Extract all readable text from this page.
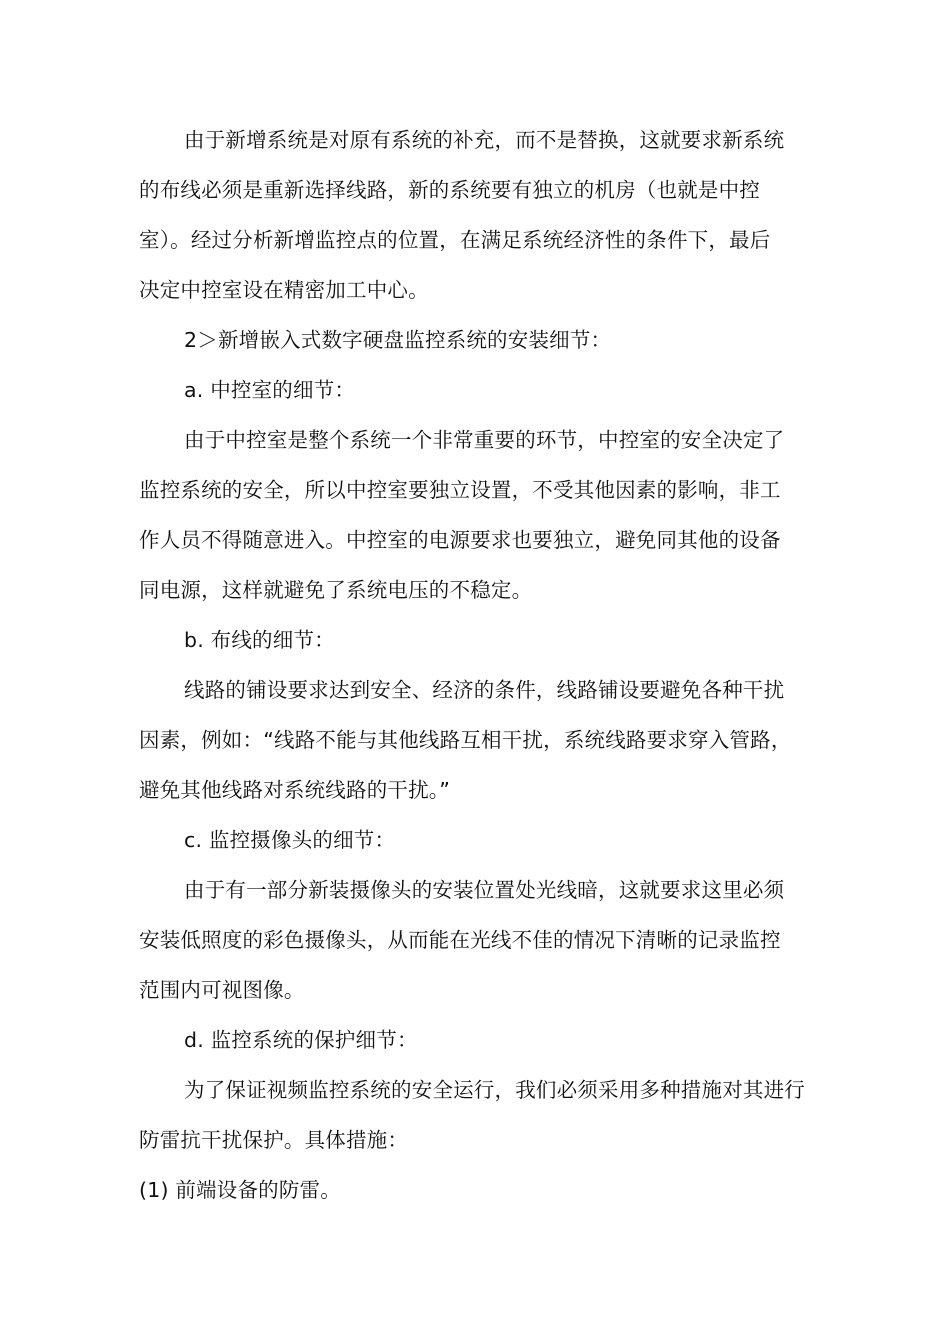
由于新增系统是对原有系统的补充，而不是替换，这就要求新系统
的布线必须是重新选择线路，新的系统要有独立的机房（也就是中控
室）。经过分析新增监控点的位置，在满足系统经济性的条件下，最后
决定中控室设在精密加工中心。
2＞新增嵌入式数字硬盘监控系统的安装细节：
a. 中控室的细节：
由于中控室是整个系统一个非常重要的环节，中控室的安全决定了
监控系统的安全，所以中控室要独立设置，不受其他因素的影响，非工
作人员不得随意进入。中控室的电源要求也要独立，避免同其他的设备
同电源，这样就避免了系统电压的不稳定。
b. 布线的细节：
线路的铺设要求达到安全、经济的条件，线路铺设要避免各种干扰
因素，例如：“线路不能与其他线路互相干扰，系统线路要求穿入管路，
避免其他线路对系统线路的干扰。”
c. 监控摄像头的细节：
由于有一部分新装摄像头的安装位置处光线暗，这就要求这里必须
安装低照度的彩色摄像头，从而能在光线不佳的情况下清晰的记录监控
范围内可视图像。
d. 监控系统的保护细节：
为了保证视频监控系统的安全运行，我们必须采用多种措施对其进行
防雷抗干扰保护。具体措施：
(1) 前端设备的防雷。
